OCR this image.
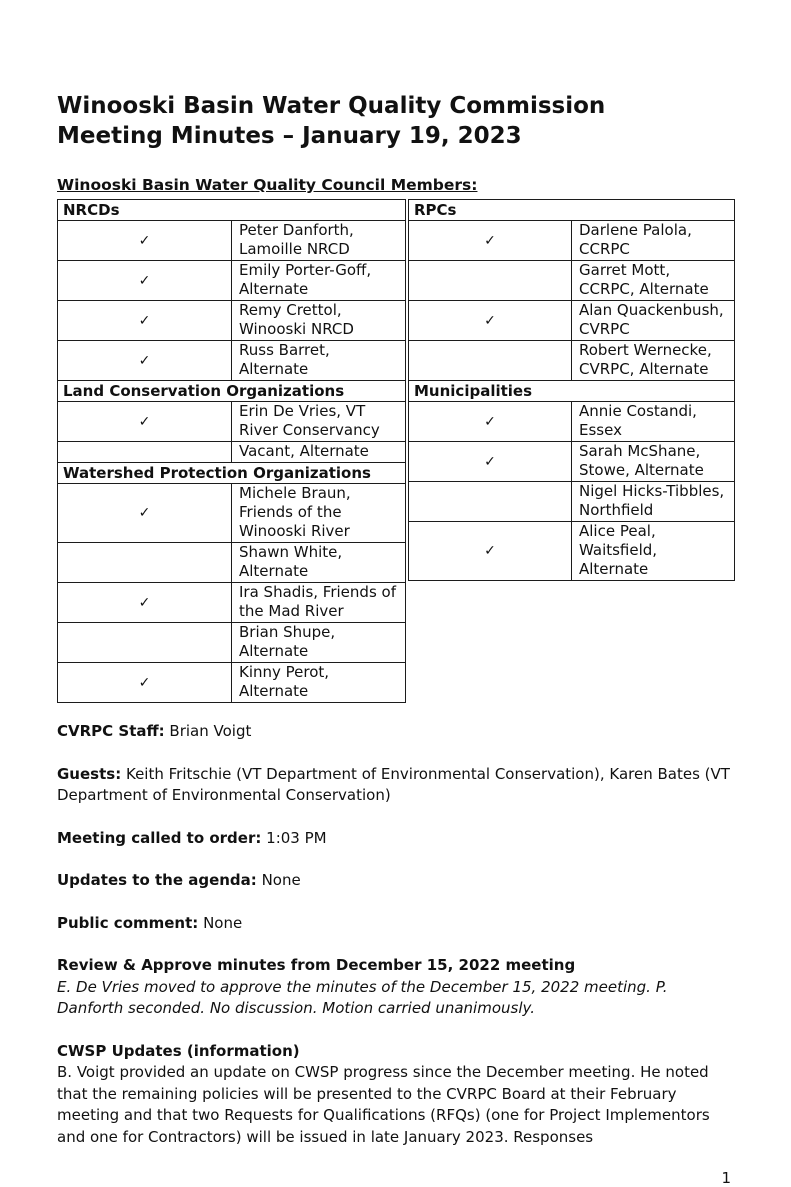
Winooski Basin Water Quality Commission
Meeting Minutes – January 19, 2023

Winooski Basin Water Quality Council Members:

NRCDs	
✓	Peter Danforth, Lamoille NRCD
✓	Emily Porter-Goff, Alternate
✓	Remy Crettol, Winooski NRCD
✓	Russ Barret, Alternate
Land Conservation Organizations	
✓	Erin De Vries, VT River Conservancy
	Vacant, Alternate
Watershed Protection Organizations	
✓	Michele Braun, Friends of the Winooski River
	Shawn White, Alternate
✓	Ira Shadis, Friends of the Mad River
	Brian Shupe, Alternate
✓	Kinny Perot, Alternate
RPCs	
✓	Darlene Palola, CCRPC
	Garret Mott, CCRPC, Alternate
✓	Alan Quackenbush, CVRPC
	Robert Wernecke, CVRPC, Alternate
Municipalities	
✓	Annie Costandi, Essex
✓	Sarah McShane, Stowe, Alternate
	Nigel Hicks-Tibbles, Northfield
✓	Alice Peal, Waitsfield, Alternate

CVRPC Staff: Brian Voigt

Guests: Keith Fritschie (VT Department of Environmental Conservation), Karen Bates (VT Department of Environmental Conservation)

Meeting called to order: 1:03 PM

Updates to the agenda: None

Public comment: None

Review & Approve minutes from December 15, 2022 meeting

E. De Vries moved to approve the minutes of the December 15, 2022 meeting. P. Danforth seconded. No discussion. Motion carried unanimously.

CWSP Updates (information)

B. Voigt provided an update on CWSP progress since the December meeting. He noted that the remaining policies will be presented to the CVRPC Board at their February meeting and that two Requests for Qualifications (RFQs) (one for Project Implementors and one for Contractors) will be issued in late January 2023. Responses

1
